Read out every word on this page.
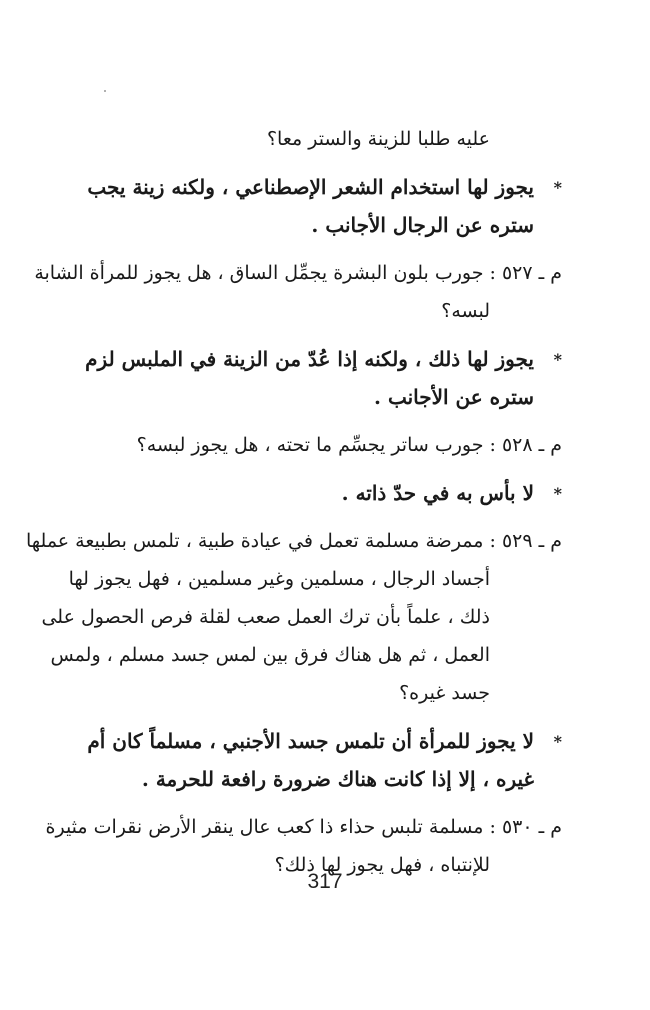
عليه طلبا للزينة والستر معا؟
*
يجوز لها استخدام الشعر الإصطناعي ، ولكنه زينة يجب
ستره عن الرجال الأجانب .
م ـ ٥٢٧ : جورب بلون البشرة يجمِّل الساق ، هل يجوز للمرأة الشابة
لبسه؟
*
يجوز لها ذلك ، ولكنه إذا عُدّ من الزينة في الملبس لزم
ستره عن الأجانب .
م ـ ٥٢٨ : جورب ساتر يجسِّم ما تحته ، هل يجوز لبسه؟
*
لا بأس به في حدّ ذاته .
م ـ ٥٢٩ : ممرضة مسلمة تعمل في عيادة طبية ، تلمس بطبيعة عملها
أجساد الرجال ، مسلمين وغير مسلمين ، فهل يجوز لها
ذلك ، علماً بأن ترك العمل صعب لقلة فرص الحصول على
العمل ، ثم هل هناك فرق بين لمس جسد مسلم ، ولمس
جسد غيره؟
*
لا يجوز للمرأة أن تلمس جسد الأجنبي ، مسلماً كان أم
غيره ، إلا إذا كانت هناك ضرورة رافعة للحرمة .
م ـ ٥٣٠ : مسلمة تلبس حذاء ذا كعب عال ينقر الأرض نقرات مثيرة
للإنتباه ، فهل يجوز لها ذلك؟
317
